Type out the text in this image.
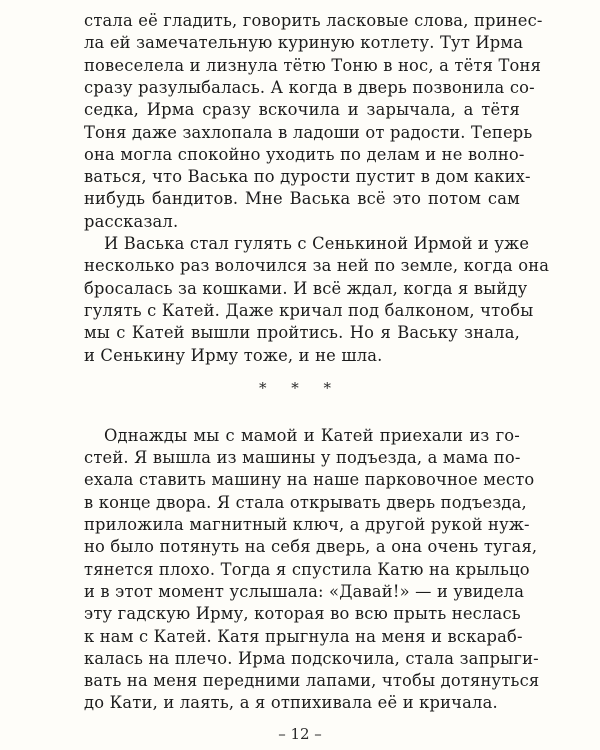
стала её гладить, говорить ласковые слова, принес-
ла ей замечательную куриную котлету. Тут Ирма
повеселела и лизнула тётю Тоню в нос, а тётя Тоня
сразу разулыбалась. А когда в дверь позвонила со-
седка, Ирма сразу вскочила и зарычала, а тётя
Тоня даже захлопала в ладоши от радости. Теперь
она могла спокойно уходить по делам и не волно-
ваться, что Васька по дурости пустит в дом каких-
нибудь бандитов. Мне Васька всё это потом сам
рассказал.
И Васька стал гулять с Сенькиной Ирмой и уже
несколько раз волочился за ней по земле, когда она
бросалась за кошками. И всё ждал, когда я выйду
гулять с Катей. Даже кричал под балконом, чтобы
мы с Катей вышли пройтись. Но я Ваську знала,
и Сенькину Ирму тоже, и не шла.
* * *
Однажды мы с мамой и Катей приехали из го-
стей. Я вышла из машины у подъезда, а мама по-
ехала ставить машину на наше парковочное место
в конце двора. Я стала открывать дверь подъезда,
приложила магнитный ключ, а другой рукой нуж-
но было потянуть на себя дверь, а она очень тугая,
тянется плохо. Тогда я спустила Катю на крыльцо
и в этот момент услышала: «Давай!» — и увидела
эту гадскую Ирму, которая во всю прыть неслась
к нам с Катей. Катя прыгнула на меня и вскараб-
калась на плечо. Ирма подскочила, стала запрыги-
вать на меня передними лапами, чтобы дотянуться
до Кати, и лаять, а я отпихивала её и кричала.
– 12 –
